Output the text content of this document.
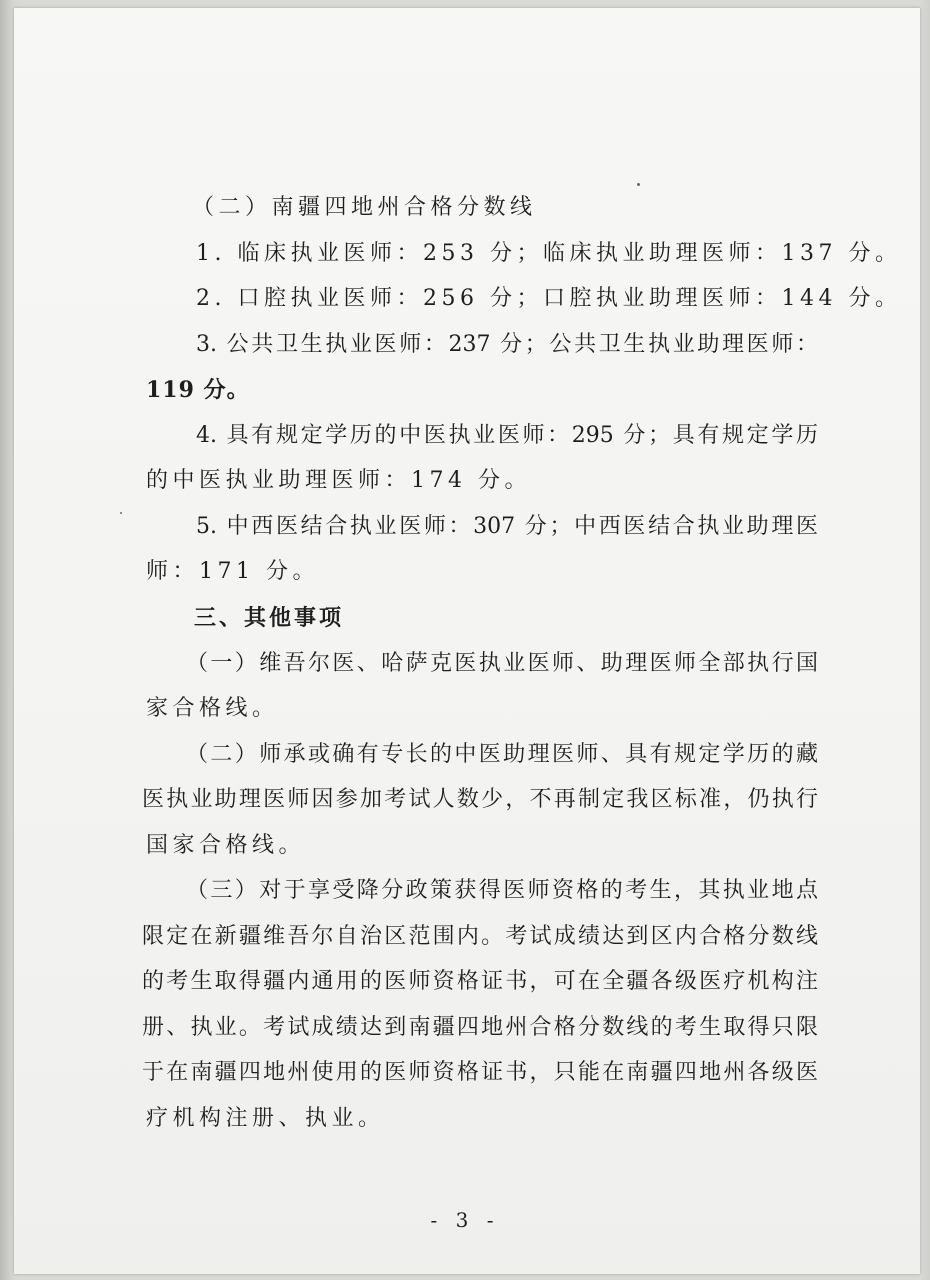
（二）南疆四地州合格分数线
1. 临床执业医师：253 分；临床执业助理医师：137 分。
2. 口腔执业医师：256 分；口腔执业助理医师：144 分。
3. 公共卫生执业医师：237 分；公共卫生执业助理医师：
119 分。
4. 具有规定学历的中医执业医师：295 分；具有规定学历
的中医执业助理医师：174 分。
5. 中西医结合执业医师：307 分；中西医结合执业助理医
师：171 分。
三、其他事项
（一）维吾尔医、哈萨克医执业医师、助理医师全部执行国
家合格线。
（二）师承或确有专长的中医助理医师、具有规定学历的藏
医执业助理医师因参加考试人数少，不再制定我区标准，仍执行
国家合格线。
（三）对于享受降分政策获得医师资格的考生，其执业地点
限定在新疆维吾尔自治区范围内。考试成绩达到区内合格分数线
的考生取得疆内通用的医师资格证书，可在全疆各级医疗机构注
册、执业。考试成绩达到南疆四地州合格分数线的考生取得只限
于在南疆四地州使用的医师资格证书，只能在南疆四地州各级医
疗机构注册、执业。
- 3 -
